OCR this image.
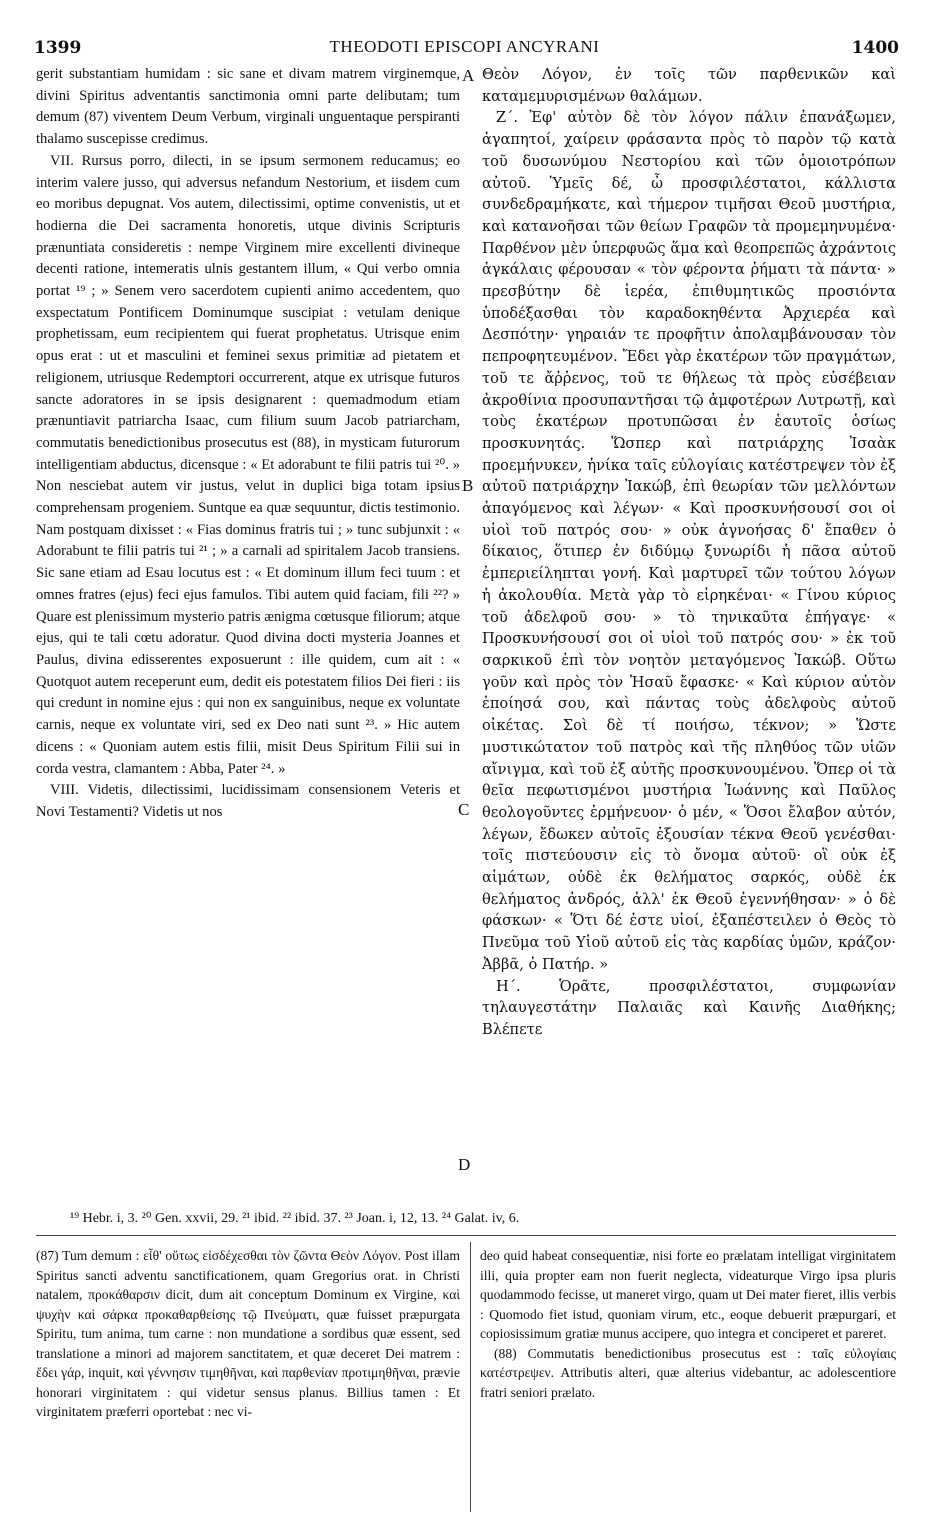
1399	THEODOTI EPISCOPI ANCYRANI	1400

gerit substantiam humidam : sic sane et divam matrem virginemque, divini Spiritus adventantis sanctimonia omni parte delibutam; tum demum (87) viventem Deum Verbum, virginali unguentaque perspiranti thalamo suscepisse credimus.

VII. Rursus porro, dilecti, in se ipsum sermonem reducamus; eo interim valere jusso, qui adversus nefandum Nestorium, et iisdem cum eo moribus depugnat. Vos autem, dilectissimi, optime convenistis, ut et hodierna die Dei sacramenta honoretis, utque divinis Scripturis prænuntiata consideretis : nempe Virginem mire excellenti divineque decenti ratione, intemeratis ulnis gestantem illum, « Qui verbo omnia portat ¹⁹ ; » Senem vero sacerdotem cupienti animo accedentem, quo exspectatum Pontificem Dominumque suscipiat : vetulam denique prophetissam, eum recipientem qui fuerat prophetatus. Utrisque enim opus erat : ut et masculini et feminei sexus primitiæ ad pietatem et religionem, utriusque Redemptori occurrerent, atque ex utrisque futuros sancte adoratores in se ipsis designarent : quemadmodum etiam prænuntiavit patriarcha Isaac, cum filium suum Jacob patriarcham, commutatis benedictionibus prosecutus est (88), in mysticam futurorum intelligentiam abductus, dicensque : « Et adorabunt te filii patris tui ²⁰. » Non nesciebat autem vir justus, velut in duplici biga totam ipsius comprehensam progeniem. Suntque ea quæ sequuntur, dictis testimonio. Nam postquam dixisset : « Fias dominus fratris tui ; » tunc subjunxit : « Adorabunt te filii patris tui ²¹ ; » a carnali ad spiritalem Jacob transiens. Sic sane etiam ad Esau locutus est : « Et dominum illum feci tuum : et omnes fratres (ejus) feci ejus famulos. Tibi autem quid faciam, fili ²²? » Quare est plenissimum mysterio patris ænigma cœtusque filiorum; atque ejus, qui te tali cœtu adoratur. Quod divina docti mysteria Joannes et Paulus, divina edisserentes exposuerunt : ille quidem, cum ait : « Quotquot autem receperunt eum, dedit eis potestatem filios Dei fieri : iis qui credunt in nomine ejus : qui non ex sanguinibus, neque ex voluntate carnis, neque ex voluntate viri, sed ex Deo nati sunt ²³. » Hic autem dicens : « Quoniam autem estis filii, misit Deus Spiritum Filii sui in corda vestra, clamantem : Abba, Pater ²⁴. »

VIII. Videtis, dilectissimi, lucidissimam consensionem Veteris et Novi Testamenti? Videtis ut nos

A
B
C
D

Θεὸν Λόγον, ἐν τοῖς τῶν παρθενικῶν καὶ καταμεμυρισμένων θαλάμων.

Ζ΄. Ἐφ' αὐτὸν δὲ τὸν λόγον πάλιν ἐπανάξωμεν, ἀγαπητοί, χαίρειν φράσαντα πρὸς τὸ παρὸν τῷ κατὰ τοῦ δυσωνύμου Νεστορίου καὶ τῶν ὁμοιοτρόπων αὐτοῦ. Ὑμεῖς δέ, ὦ προσφιλέστατοι, κάλλιστα συνδεδραμήκατε, καὶ τήμερον τιμῆσαι Θεοῦ μυστήρια, καὶ κατανοῆσαι τῶν θείων Γραφῶν τὰ προμεμηνυμένα· Παρθένον μὲν ὑπερφυῶς ἅμα καὶ θεοπρεπῶς ἀχράντοις ἀγκάλαις φέρουσαν « τὸν φέροντα ῥήματι τὰ πάντα· » πρεσβύτην δὲ ἱερέα, ἐπιθυμητικῶς προσιόντα ὑποδέξασθαι τὸν καραδοκηθέντα Ἀρχιερέα καὶ Δεσπότην· γηραιάν τε προφῆτιν ἀπολαμβάνουσαν τὸν πεπροφητευμένον. Ἔδει γὰρ ἑκατέρων τῶν πραγμάτων, τοῦ τε ἄῤῥενος, τοῦ τε θήλεως τὰ πρὸς εὐσέβειαν ἀκροθίνια προσυπαντῆσαι τῷ ἀμφοτέρων Λυτρωτῇ, καὶ τοὺς ἑκατέρων προτυπῶσαι ἐν ἑαυτοῖς ὁσίως προσκυνητάς. Ὥσπερ καὶ πατριάρχης Ἰσαὰκ προεμήνυκεν, ἡνίκα ταῖς εὐλογίαις κατέστρεψεν τὸν ἐξ αὐτοῦ πατριάρχην Ἰακώβ, ἐπὶ θεωρίαν τῶν μελλόντων ἀπαγόμενος καὶ λέγων· « Καὶ προσκυνήσουσί σοι οἱ υἱοὶ τοῦ πατρός σου· » οὐκ ἀγνοήσας δ' ἔπαθεν ὁ δίκαιος, ὅτιπερ ἐν διδύμῳ ξυνωρίδι ἡ πᾶσα αὐτοῦ ἐμπεριείληπται γονή. Καὶ μαρτυρεῖ τῶν τούτου λόγων ἡ ἀκολουθία. Μετὰ γὰρ τὸ εἰρηκέναι· « Γίνου κύριος τοῦ ἀδελφοῦ σου· » τὸ τηνικαῦτα ἐπήγαγε· « Προσκυνήσουσί σοι οἱ υἱοὶ τοῦ πατρός σου· » ἐκ τοῦ σαρκικοῦ ἐπὶ τὸν νοητὸν μεταγόμενος Ἰακώβ. Οὕτω γοῦν καὶ πρὸς τὸν Ἠσαῦ ἔφασκε· « Καὶ κύριον αὐτὸν ἐποίησά σου, καὶ πάντας τοὺς ἀδελφοὺς αὐτοῦ οἰκέτας. Σοὶ δὲ τί ποιήσω, τέκνον; » Ὥστε μυστικώτατον τοῦ πατρὸς καὶ τῆς πληθύος τῶν υἱῶν αἴνιγμα, καὶ τοῦ ἐξ αὐτῆς προσκυνουμένου. Ὅπερ οἱ τὰ θεῖα πεφωτισμένοι μυστήρια Ἰωάννης καὶ Παῦλος θεολογοῦντες ἑρμήνευον· ὁ μέν, « Ὅσοι ἔλαβον αὐτόν, λέγων, ἔδωκεν αὐτοῖς ἐξουσίαν τέκνα Θεοῦ γενέσθαι· τοῖς πιστεύουσιν εἰς τὸ ὄνομα αὐτοῦ· οἳ οὐκ ἐξ αἱμάτων, οὐδὲ ἐκ θελήματος σαρκός, οὐδὲ ἐκ θελήματος ἀνδρός, ἀλλ' ἐκ Θεοῦ ἐγεννήθησαν· » ὁ δὲ φάσκων· « Ὅτι δέ ἐστε υἱοί, ἐξαπέστειλεν ὁ Θεὸς τὸ Πνεῦμα τοῦ Υἱοῦ αὐτοῦ εἰς τὰς καρδίας ὑμῶν, κράζον· Ἀββᾶ, ὁ Πατήρ. »

Η΄. Ὁρᾶτε, προσφιλέστατοι, συμφωνίαν τηλαυγεστάτην Παλαιᾶς καὶ Καινῆς Διαθήκης; Βλέπετε

¹⁹ Hebr. i, 3. ²⁰ Gen. xxvii, 29. ²¹ ibid. ²² ibid. 37. ²³ Joan. i, 12, 13. ²⁴ Galat. iv, 6.

(87) Tum demum : εἶθ' οὕτως εἰσδέχεσθαι τὸν ζῶντα Θεὸν Λόγον. Post illam Spiritus sancti adventu sanctificationem, quam Gregorius orat. in Christi natalem, προκάθαρσιν dicit, dum ait conceptum Dominum ex Virgine, καὶ ψυχὴν καὶ σάρκα προκαθαρθείσης τῷ Πνεύματι, quæ fuisset præpurgata Spiritu, tum anima, tum carne : non mundatione a sordibus quæ essent, sed translatione a minori ad majorem sanctitatem, et quæ deceret Dei matrem : ἔδει γάρ, inquit, καὶ γέννησιν τιμηθῆναι, καὶ παρθενίαν προτιμηθῆναι, prævie honorari virginitatem : qui videtur sensus planus. Billius tamen : Et virginitatem præferri oportebat : nec vi-

deo quid habeat consequentiæ, nisi forte eo prælatam intelligat virginitatem illi, quia propter eam non fuerit neglecta, videaturque Virgo ipsa pluris quodammodo fecisse, ut maneret virgo, quam ut Dei mater fieret, illis verbis : Quomodo fiet istud, quoniam virum, etc., eoque debuerit præpurgari, et copiosissimum gratiæ munus accipere, quo integra et conciperet et pareret.

(88) Commutatis benedictionibus prosecutus est : ταῖς εὐλογίαις κατέστρεψεν. Attributis alteri, quæ alterius videbantur, ac adolescentiore fratri seniori prælato.
